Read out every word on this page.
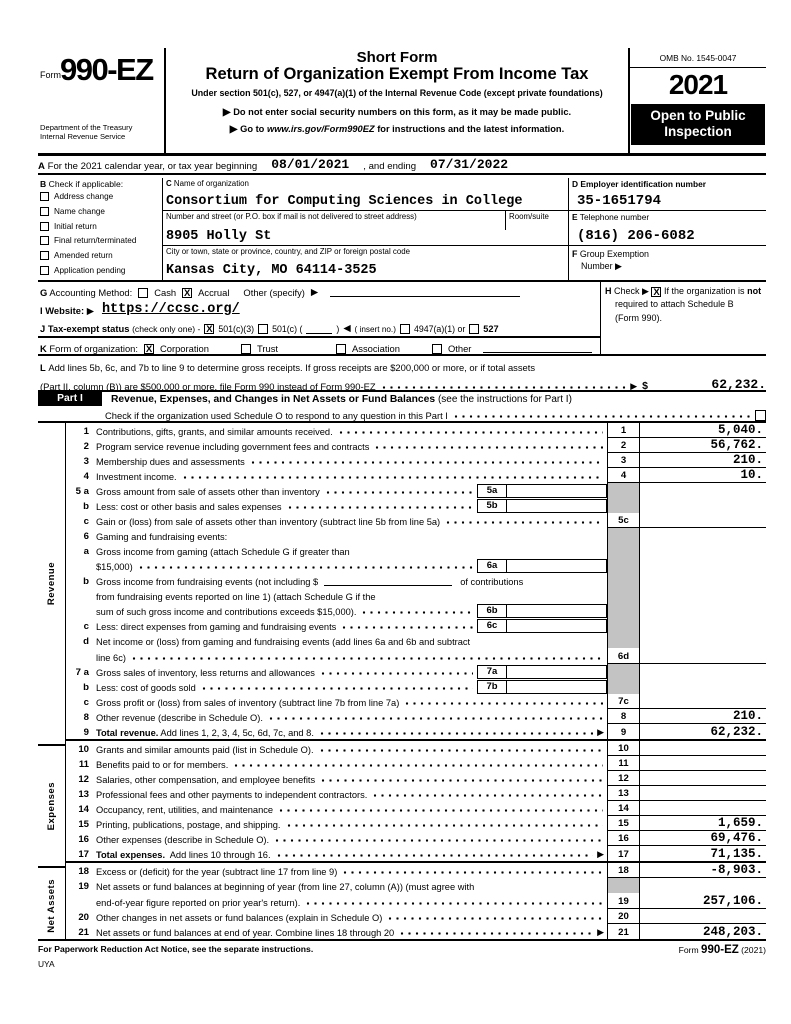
Form 990-EZ
Department of the Treasury
Internal Revenue Service
Short Form
Return of Organization Exempt From Income Tax
Under section 501(c), 527, or 4947(a)(1) of the Internal Revenue Code (except private foundations)
▶ Do not enter social security numbers on this form, as it may be made public.
▶ Go to www.irs.gov/Form990EZ for instructions and the latest information.
OMB No. 1545-0047
2021
Open to Public
Inspection
A
For the 2021 calendar year, or tax year beginning 08/01/2021 , and ending 07/31/2022
B Check if applicable:
Address change
Name change
Initial return
Final return/terminated
Amended return
Application pending
C Name of organization
Consortium for Computing Sciences in College
Number and street (or P.O. box if mail is not delivered to street address)	Room/suite
8905 Holly St
City or town, state or province, country, and ZIP or foreign postal code
Kansas City, MO 64114-3525
D Employer identification number
35-1651794
E Telephone number
(816) 206-6082
F Group Exemption
Number ▶
G Accounting Method: Cash X Accrual Other (specify) ▶
I Website: ▶ https://ccsc.org/
J Tax-exempt status (check only one) - X 501(c)(3) 501(c) (	) ◀ ( insert no.) 4947(a)(1) or 527
K Form of organization: X Corporation	Trust	Association	Other
H Check ▶ X If the organization is not
required to attach Schedule B
(Form 990).
L
Add lines 5b, 6c, and 7b to line 9 to determine gross receipts. If gross receipts are $200,000 or more, or if total assets
(Part II, column (B)) are $500,000 or more, file Form 990 instead of Form 990-EZ	▶ $	62,232.
Part I	Revenue, Expenses, and Changes in Net Assets or Fund Balances (see the instructions for Part I)
Check if the organization used Schedule O to respond to any question in this Part I
Revenue
Expenses
Net Assets
1 Contributions, gifts, grants, and similar amounts received.	1	5,040.
2 Program service revenue including government fees and contracts	2	56,762.
3 Membership dues and assessments	3	210.
4 Investment income.	4	10.
5 a Gross amount from sale of assets other than inventory	5a
b Less: cost or other basis and sales expenses	5b
c Gain or (loss) from sale of assets other than inventory (subtract line 5b from line 5a)	5c
6 Gaming and fundraising events:
a Gross income from gaming (attach Schedule G if greater than
$15,000)	6a
b Gross income from fundraising events (not including $	of contributions
from fundraising events reported on line 1) (attach Schedule G if the
sum of such gross income and contributions exceeds $15,000).	6b
c Less: direct expenses from gaming and fundraising events	6c
d Net income or (loss) from gaming and fundraising events (add lines 6a and 6b and subtract
line 6c)	6d
7 a Gross sales of inventory, less returns and allowances	7a
b Less: cost of goods sold	7b
c Gross profit or (loss) from sales of inventory (subtract line 7b from line 7a)	7c
8 Other revenue (describe in Schedule O).	8	210.
9 Total revenue. Add lines 1, 2, 3, 4, 5c, 6d, 7c, and 8.	▶	9	62,232.
10 Grants and similar amounts paid (list in Schedule O).	10
11 Benefits paid to or for members.	11
12 Salaries, other compensation, and employee benefits	12
13 Professional fees and other payments to independent contractors.	13
14 Occupancy, rent, utilities, and maintenance	14
15 Printing, publications, postage, and shipping.	15	1,659.
16 Other expenses (describe in Schedule O).	16	69,476.
17 Total expenses. Add lines 10 through 16.	▶	17	71,135.
18 Excess or (deficit) for the year (subtract line 17 from line 9)	18	-8,903.
19 Net assets or fund balances at beginning of year (from line 27, column (A)) (must agree with
end-of-year figure reported on prior year's return).	19	257,106.
20 Other changes in net assets or fund balances (explain in Schedule O)	20
21 Net assets or fund balances at end of year. Combine lines 18 through 20	▶	21	248,203.
For Paperwork Reduction Act Notice, see the separate instructions.
UYA
Form 990-EZ (2021)
